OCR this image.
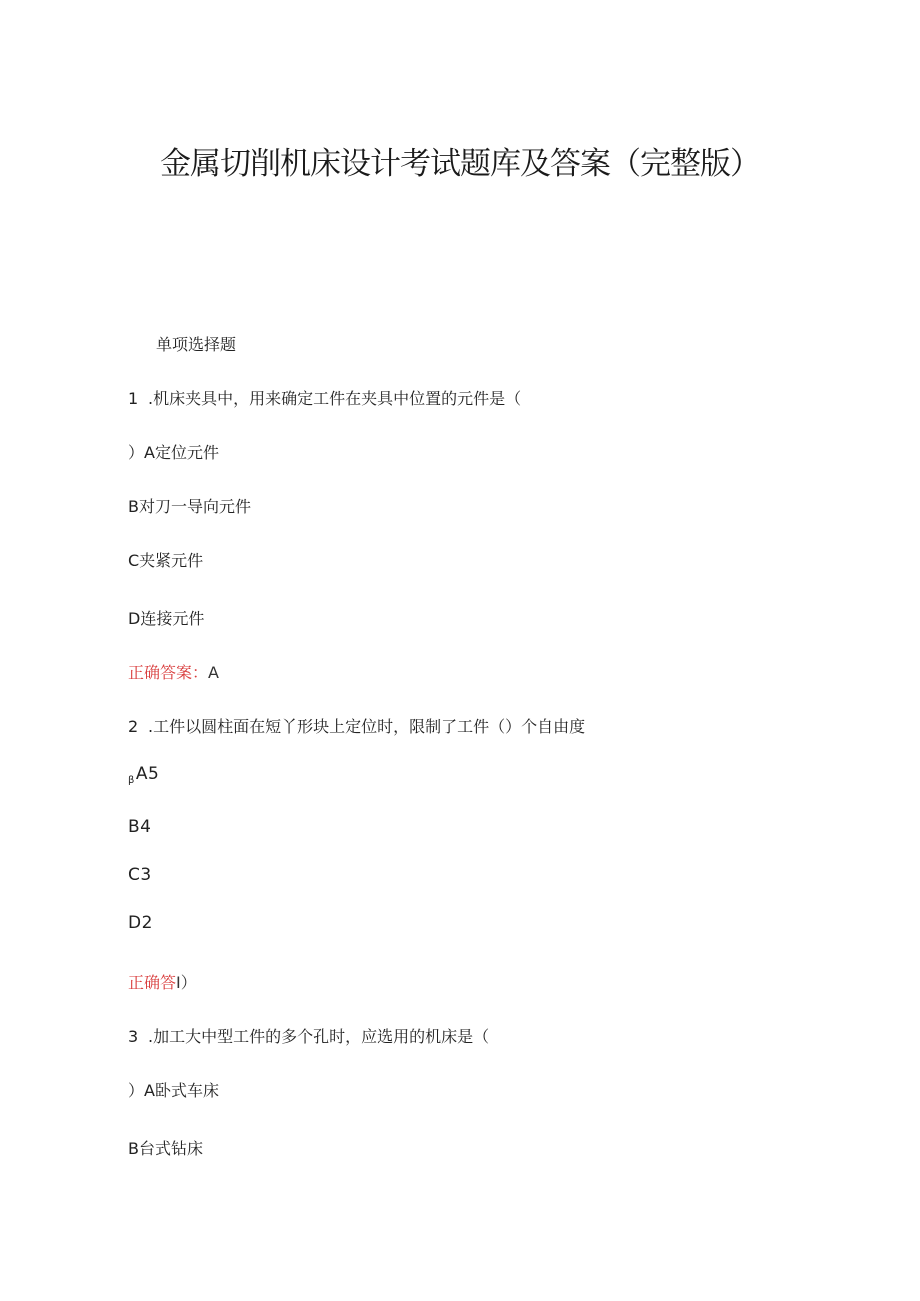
金属切削机床设计考试题库及答案（完整版）
单项选择题
1 .机床夹具中，用来确定工件在夹具中位置的元件是（
）A定位元件
B对刀一导向元件
C夹紧元件
D连接元件
正确答案：A
2 .工件以圆柱面在短丫形块上定位时，限制了工件（）个自由度
$_\beta$A5
B4
C3
D2
正确答I）
3 .加工大中型工件的多个孔时，应选用的机床是（
）A卧式车床
B台式钻床
